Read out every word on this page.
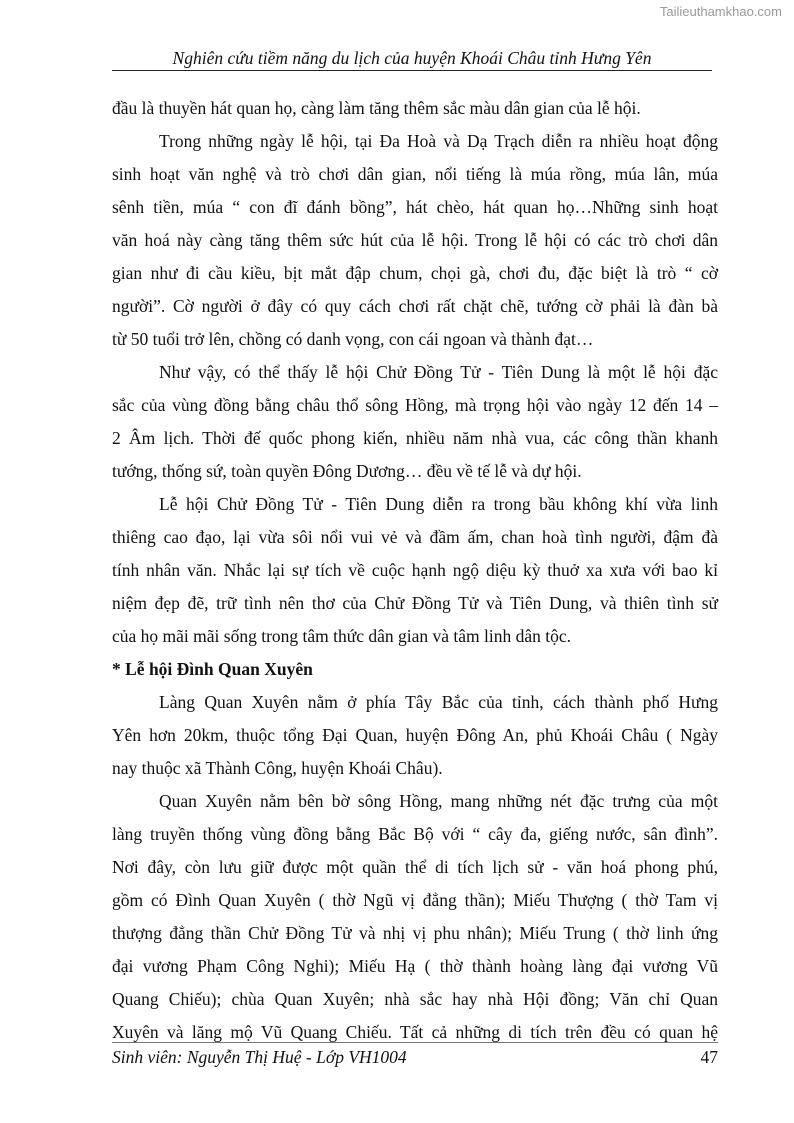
Tailieuthamkhao.com
Nghiên cứu tiềm năng du lịch của huyện Khoái Châu tỉnh Hưng Yên
đầu là thuyền hát quan họ, càng làm tăng thêm sắc màu dân gian của lễ hội.
Trong những ngày lễ hội, tại Đa Hoà và Dạ Trạch diễn ra nhiều hoạt động
sinh hoạt văn nghệ và trò chơi dân gian, nổi tiếng là múa rồng, múa lân, múa
sênh tiền, múa “ con đĩ đánh bồng”, hát chèo, hát quan họ…Những sinh hoạt
văn hoá này càng tăng thêm sức hút của lễ hội. Trong lễ hội có các trò chơi dân
gian như đi cầu kiều, bịt mắt đập chum, chọi gà, chơi đu, đặc biệt là trò “ cờ
người”. Cờ người ở đây có quy cách chơi rất chặt chẽ, tướng cờ phải là đàn bà
từ 50 tuổi trở lên, chồng có danh vọng, con cái ngoan và thành đạt…
Như vậy, có thể thấy lễ hội Chử Đồng Tử - Tiên Dung là một lễ hội đặc
sắc của vùng đồng bằng châu thổ sông Hồng, mà trọng hội vào ngày 12 đến 14 –
2 Âm lịch. Thời đế quốc phong kiến, nhiều năm nhà vua, các công thần khanh
tướng, thống sứ, toàn quyền Đông Dương… đều về tế lễ và dự hội.
Lễ hội Chử Đồng Tử - Tiên Dung diễn ra trong bầu không khí vừa linh
thiêng cao đạo, lại vừa sôi nổi vui vẻ và đầm ấm, chan hoà tình người, đậm đà
tính nhân văn. Nhắc lại sự tích về cuộc hạnh ngộ diệu kỳ thuở xa xưa với bao kỉ
niệm đẹp đẽ, trữ tình nên thơ của Chử Đồng Tử và Tiên Dung, và thiên tình sử
của họ mãi mãi sống trong tâm thức dân gian và tâm linh dân tộc.
* Lễ hội Đình Quan Xuyên
Làng Quan Xuyên nằm ở phía Tây Bắc của tỉnh, cách thành phố Hưng
Yên hơn 20km, thuộc tổng Đại Quan, huyện Đông An, phủ Khoái Châu ( Ngày
nay thuộc xã Thành Công, huyện Khoái Châu).
Quan Xuyên nằm bên bờ sông Hồng, mang những nét đặc trưng của một
làng truyền thống vùng đồng bằng Bắc Bộ với “ cây đa, giếng nước, sân đình”.
Nơi đây, còn lưu giữ được một quần thể di tích lịch sử - văn hoá phong phú,
gồm có Đình Quan Xuyên ( thờ Ngũ vị đẳng thần); Miếu Thượng ( thờ Tam vị
thượng đẳng thần Chử Đồng Tử và nhị vị phu nhân); Miếu Trung ( thờ linh ứng
đại vương Phạm Công Nghi); Miếu Hạ ( thờ thành hoàng làng đại vương Vũ
Quang Chiếu); chùa Quan Xuyên; nhà sắc hay nhà Hội đồng; Văn chỉ Quan
Xuyên và lăng mộ Vũ Quang Chiếu. Tất cả những di tích trên đều có quan hệ
Sinh viên: Nguyễn Thị Huệ - Lớp VH1004	47
